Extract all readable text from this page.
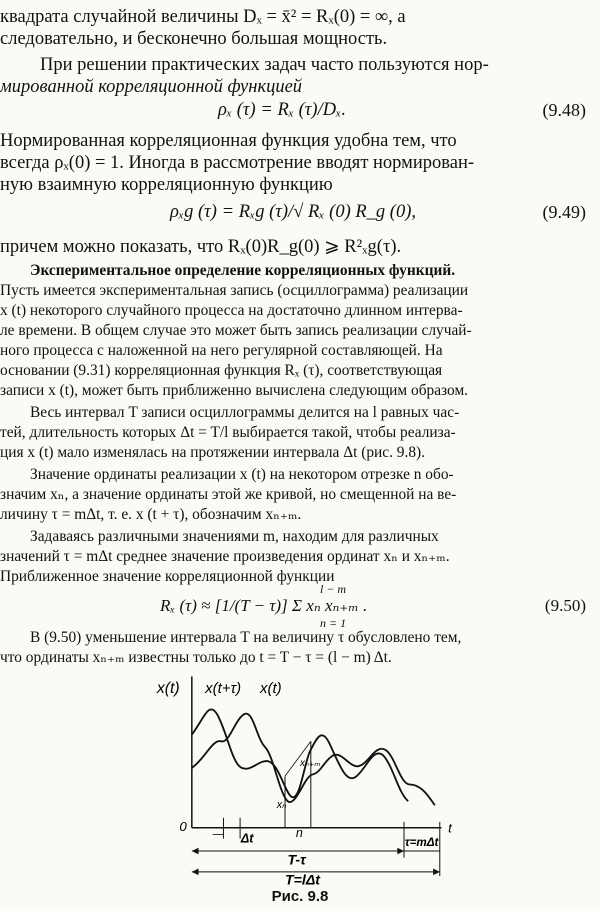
квадрата случайной величины Dₓ = x̄² = Rₓ(0) = ∞, а
следовательно, и бесконечно большая мощность.
При решении практических задач часто пользуются нор-
мированной корреляционной функцией
ρₓ (τ) = Rₓ (τ)/Dₓ.	(9.48)
Нормированная корреляционная функция удобна тем, что
всегда ρₓ(0) = 1. Иногда в рассмотрение вводят нормирован-
ную взаимную корреляционную функцию
ρₓg (τ) = Rₓg (τ)/√ Rₓ (0) R_g (0),	(9.49)
причем можно показать, что Rₓ(0)R_g(0) ⩾ R²ₓg(τ).
Экспериментальное определение корреляционных функций.
Пусть имеется экспериментальная запись (осциллограмма) реализации
x (t) некоторого случайного процесса на достаточно длинном интерва-
ле времени. В общем случае это может быть запись реализации случай-
ного процесса с наложенной на него регулярной составляющей. На
основании (9.31) корреляционная функция Rₓ (τ), соответствующая
записи x (t), может быть приближенно вычислена следующим образом.
Весь интервал T записи осциллограммы делится на l равных час-
тей, длительность которых Δt = T/l выбирается такой, чтобы реализа-
ция x (t) мало изменялась на протяжении интервала Δt (рис. 9.8).
Значение ординаты реализации x (t) на некотором отрезке n обо-
значим xₙ, а значение ординаты этой же кривой, но смещенной на ве-
личину τ = mΔt, т. е. x (t + τ), обозначим xₙ₊ₘ.
Задаваясь различными значениями m, находим для различных
значений τ = mΔt среднее значение произведения ординат xₙ и xₙ₊ₘ.
Приближенное значение корреляционной функции
Rₓ (τ) ≈ [1/(T − τ)] Σ xₙ xₙ₊ₘ .
l − m
n = 1
(9.50)
x(t) x(t+τ) x(t)
t
0
Δt	n
xₙ
xₙ₊ₘ
T-τ
τ=mΔt
T=lΔt
Рис. 9.8
В (9.50) уменьшение интервала T на величину τ обусловлено тем,
что ординаты xₙ₊ₘ известны только до t = T − τ = (l − m) Δt.
